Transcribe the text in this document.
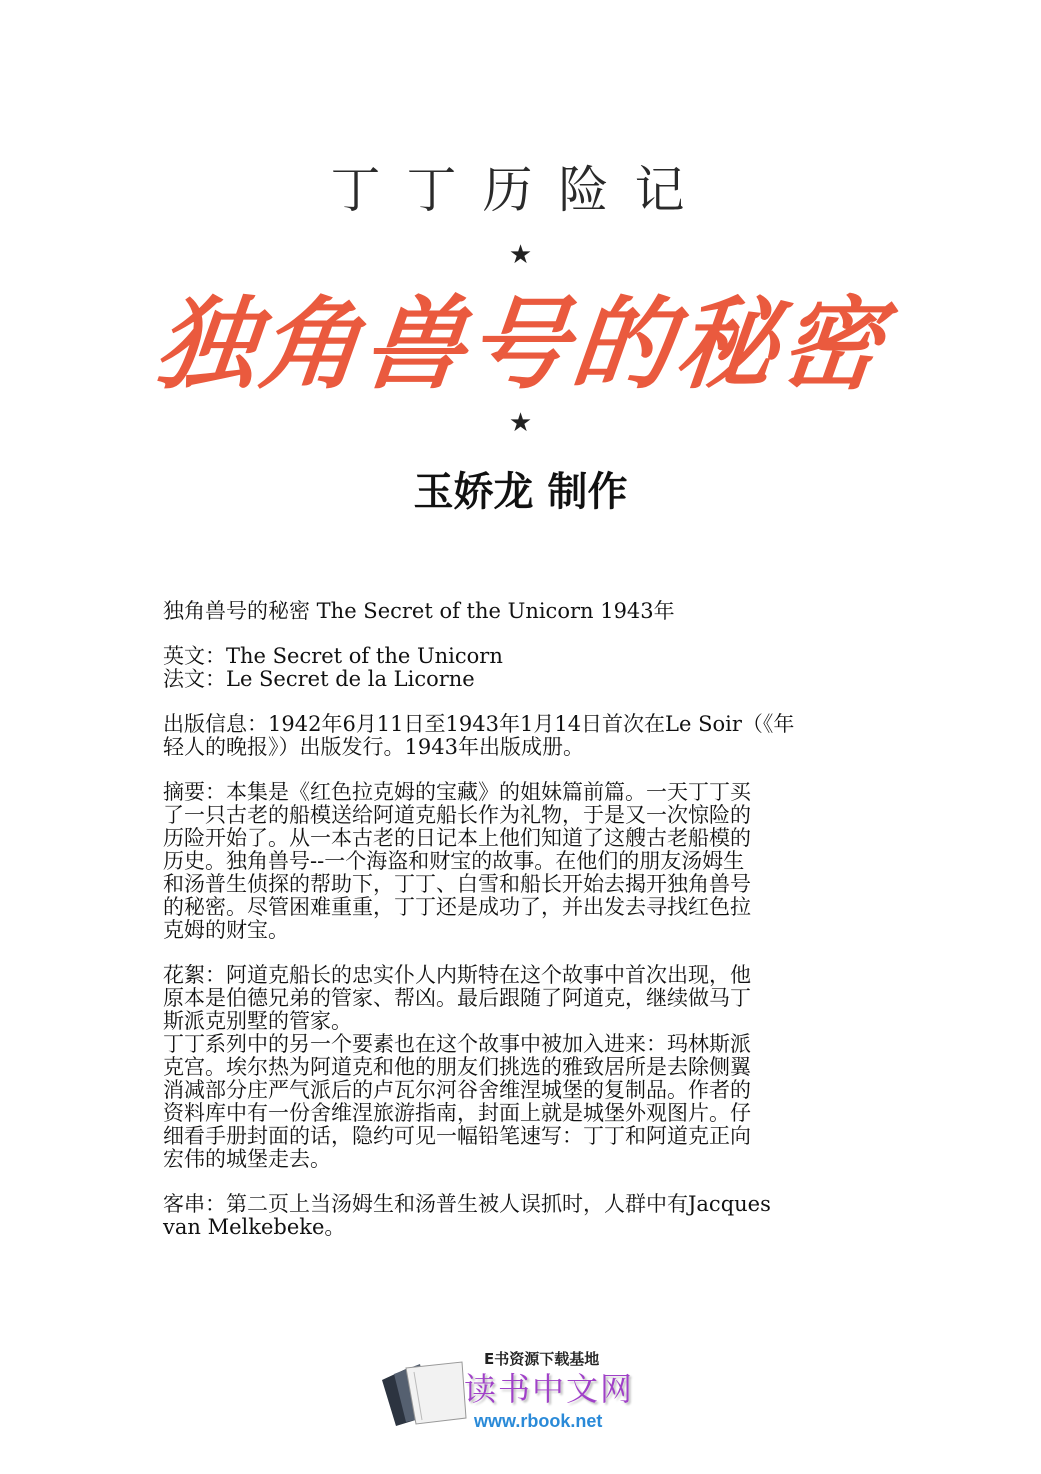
丁丁历险记
★
独角兽号的秘密
★
玉娇龙 制作
独角兽号的秘密 The Secret of the Unicorn 1943年
英文：The Secret of the Unicorn
法文：Le Secret de la Licorne
出版信息：1942年6月11日至1943年1月14日首次在Le Soir（《年
轻人的晚报》）出版发行。1943年出版成册。
摘要：本集是《红色拉克姆的宝藏》的姐妹篇前篇。一天丁丁买
了一只古老的船模送给阿道克船长作为礼物，于是又一次惊险的
历险开始了。从一本古老的日记本上他们知道了这艘古老船模的
历史。独角兽号--一个海盗和财宝的故事。在他们的朋友汤姆生
和汤普生侦探的帮助下，丁丁、白雪和船长开始去揭开独角兽号
的秘密。尽管困难重重，丁丁还是成功了，并出发去寻找红色拉
克姆的财宝。
花絮：阿道克船长的忠实仆人内斯特在这个故事中首次出现，他
原本是伯德兄弟的管家、帮凶。最后跟随了阿道克，继续做马丁
斯派克别墅的管家。
丁丁系列中的另一个要素也在这个故事中被加入进来：玛林斯派
克宫。埃尔热为阿道克和他的朋友们挑选的雅致居所是去除侧翼
消减部分庄严气派后的卢瓦尔河谷舍维涅城堡的复制品。作者的
资料库中有一份舍维涅旅游指南，封面上就是城堡外观图片。仔
细看手册封面的话，隐约可见一幅铅笔速写：丁丁和阿道克正向
宏伟的城堡走去。
客串：第二页上当汤姆生和汤普生被人误抓时，人群中有Jacques
van Melkebeke。
E书资源下载基地
读书中文网
www.rbook.net
